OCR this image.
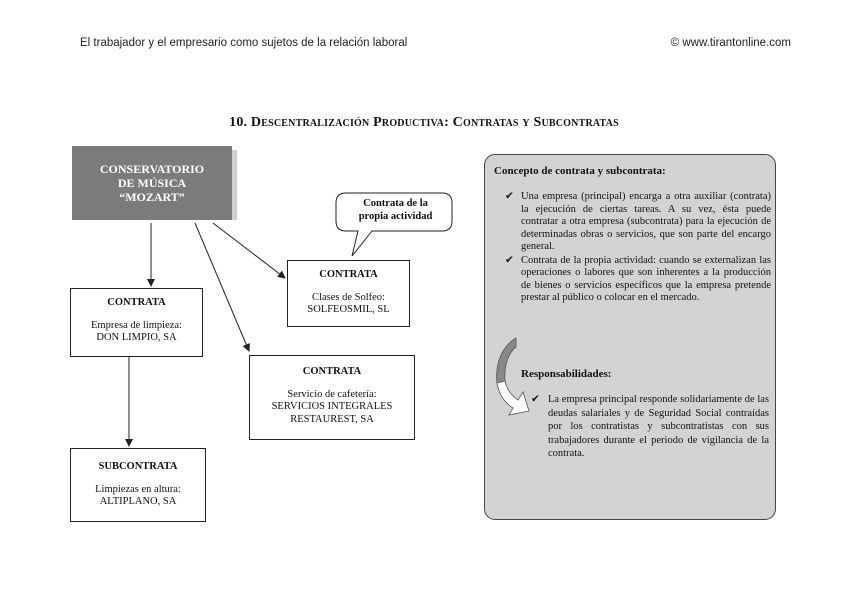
El trabajador y el empresario como sujetos de la relación laboral	© www.tirantonline.com
10. Descentralización Productiva: Contratas y Subcontratas
CONSERVATORIO
DE MÚSICA
“MOZART”	Contrata de la
propia actividad
CONTRATA
Empresa de limpieza:
DON LIMPIO, SA
SUBCONTRATA
Limpiezas en altura:
ALTIPLANO, SA
CONTRATA
Clases de Solfeo:
SOLFEOSMIL, SL
CONTRATA
Servicio de cafetería:
SERVICIOS INTEGRALES
RESTAUREST, SA
Concepto de contrata y subcontrata:
✔ Una empresa (principal) encarga a otra auxiliar (contrata) la ejecución de ciertas tareas. A su vez, ésta puede contratar a otra empresa (subcontrata) para la ejecución de determinadas obras o servicios, que son parte del encargo general.
✔ Contrata de la propia actividad: cuando se externalizan las operaciones o labores que son inherentes a la producción de bienes o servicios específicos que la empresa pretende prestar al público o colocar en el mercado.
Responsabilidades:
✔ La empresa principal responde solidariamente de las deudas salariales y de Seguridad Social contraídas por los contratistas y subcontratistas con sus trabajadores durante el periodo de vigilancia de la contrata.
